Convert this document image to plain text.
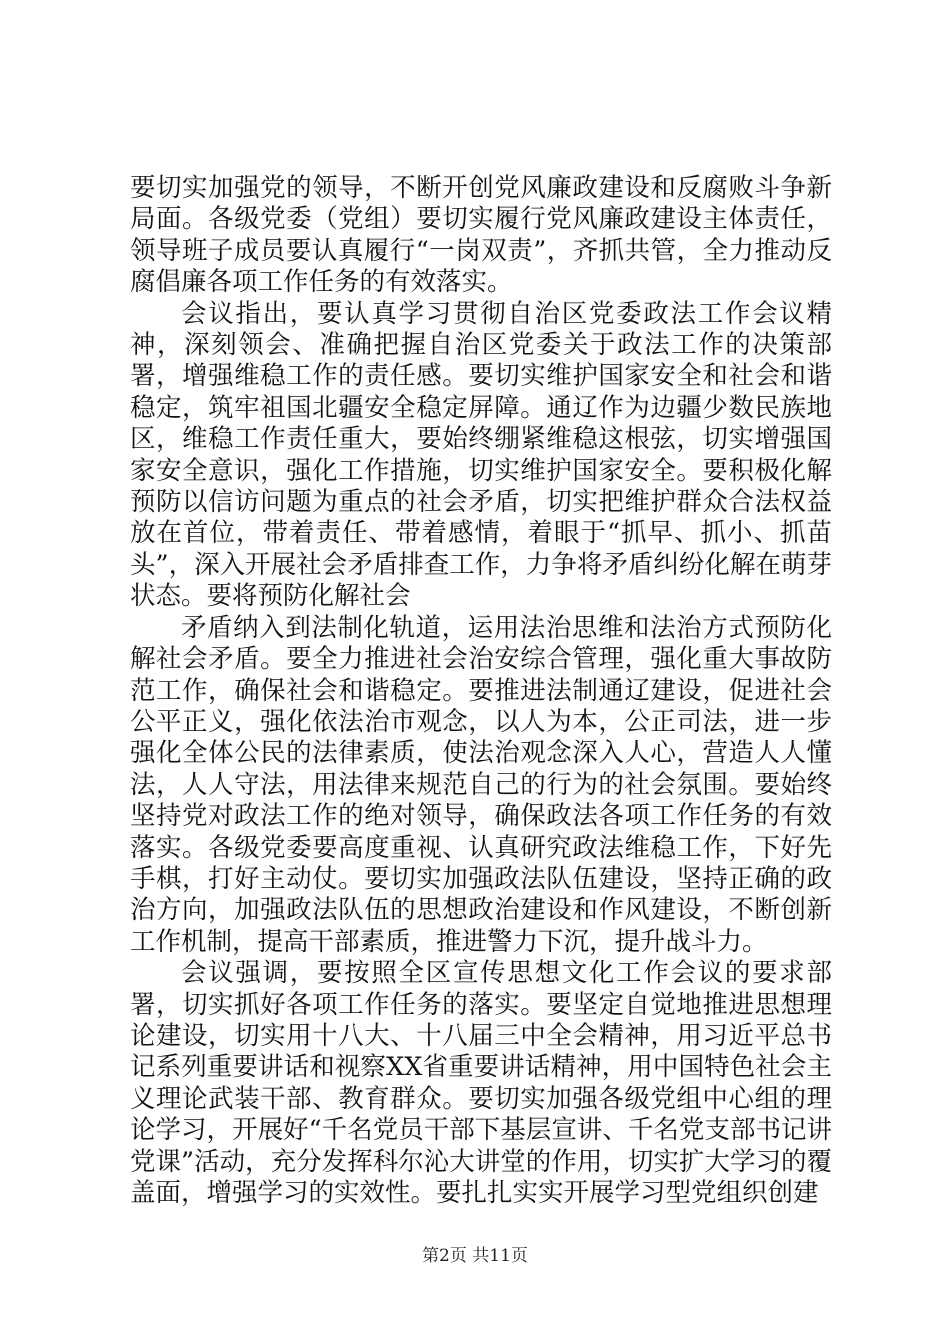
要切实加强党的领导，不断开创党风廉政建设和反腐败斗争新局面。各级党委（党组）要切实履行党风廉政建设主体责任，领导班子成员要认真履行“一岗双责”，齐抓共管，全力推动反腐倡廉各项工作任务的有效落实。

会议指出，要认真学习贯彻自治区党委政法工作会议精神，深刻领会、准确把握自治区党委关于政法工作的决策部署，增强维稳工作的责任感。要切实维护国家安全和社会和谐稳定，筑牢祖国北疆安全稳定屏障。通辽作为边疆少数民族地区，维稳工作责任重大，要始终绷紧维稳这根弦，切实增强国家安全意识，强化工作措施，切实维护国家安全。要积极化解预防以信访问题为重点的社会矛盾，切实把维护群众合法权益放在首位，带着责任、带着感情，着眼于“抓早、抓小、抓苗头”，深入开展社会矛盾排查工作，力争将矛盾纠纷化解在萌芽状态。要将预防化解社会

矛盾纳入到法制化轨道，运用法治思维和法治方式预防化解社会矛盾。要全力推进社会治安综合管理，强化重大事故防范工作，确保社会和谐稳定。要推进法制通辽建设，促进社会公平正义，强化依法治市观念，以人为本，公正司法，进一步强化全体公民的法律素质，使法治观念深入人心，营造人人懂法，人人守法，用法律来规范自己的行为的社会氛围。要始终坚持党对政法工作的绝对领导，确保政法各项工作任务的有效落实。各级党委要高度重视、认真研究政法维稳工作，下好先手棋，打好主动仗。要切实加强政法队伍建设，坚持正确的政治方向，加强政法队伍的思想政治建设和作风建设，不断创新工作机制，提高干部素质，推进警力下沉，提升战斗力。

会议强调，要按照全区宣传思想文化工作会议的要求部署，切实抓好各项工作任务的落实。要坚定自觉地推进思想理论建设，切实用十八大、十八届三中全会精神，用习近平总书记系列重要讲话和视察XX省重要讲话精神，用中国特色社会主义理论武装干部、教育群众。要切实加强各级党组中心组的理论学习，开展好“千名党员干部下基层宣讲、千名党支部书记讲党课”活动，充分发挥科尔沁大讲堂的作用，切实扩大学习的覆盖面，增强学习的实效性。要扎扎实实开展学习型党组织创建

第2页 共11页
